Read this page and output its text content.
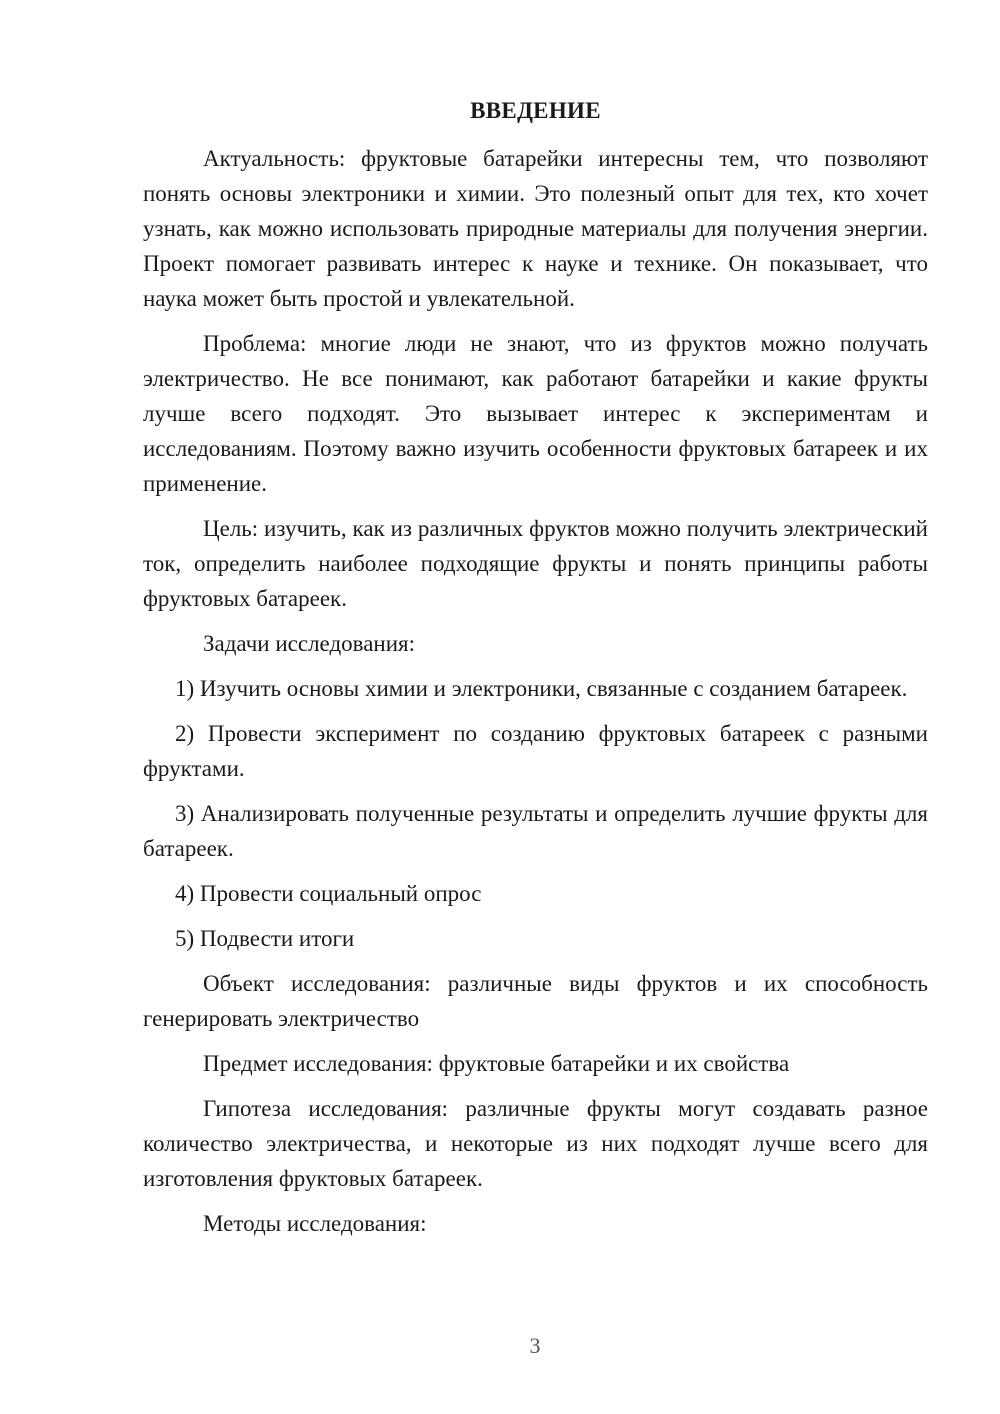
ВВЕДЕНИЕ

Актуальность: фруктовые батарейки интересны тем, что позволяют понять основы электроники и химии. Это полезный опыт для тех, кто хочет узнать, как можно использовать природные материалы для получения энергии. Проект помогает развивать интерес к науке и технике. Он показывает, что наука может быть простой и увлекательной.

Проблема: многие люди не знают, что из фруктов можно получать электричество. Не все понимают, как работают батарейки и какие фрукты лучше всего подходят. Это вызывает интерес к экспериментам и исследованиям. Поэтому важно изучить особенности фруктовых батареек и их применение.

Цель: изучить, как из различных фруктов можно получить электрический ток, определить наиболее подходящие фрукты и понять принципы работы фруктовых батареек.

Задачи исследования:

1) Изучить основы химии и электроники, связанные с созданием батареек.

2) Провести эксперимент по созданию фруктовых батареек с разными фруктами.

3) Анализировать полученные результаты и определить лучшие фрукты для батареек.

4) Провести социальный опрос

5) Подвести итоги

Объект исследования: различные виды фруктов и их способность генерировать электричество

Предмет исследования: фруктовые батарейки и их свойства

Гипотеза исследования: различные фрукты могут создавать разное количество электричества, и некоторые из них подходят лучше всего для изготовления фруктовых батареек.

Методы исследования:

3
